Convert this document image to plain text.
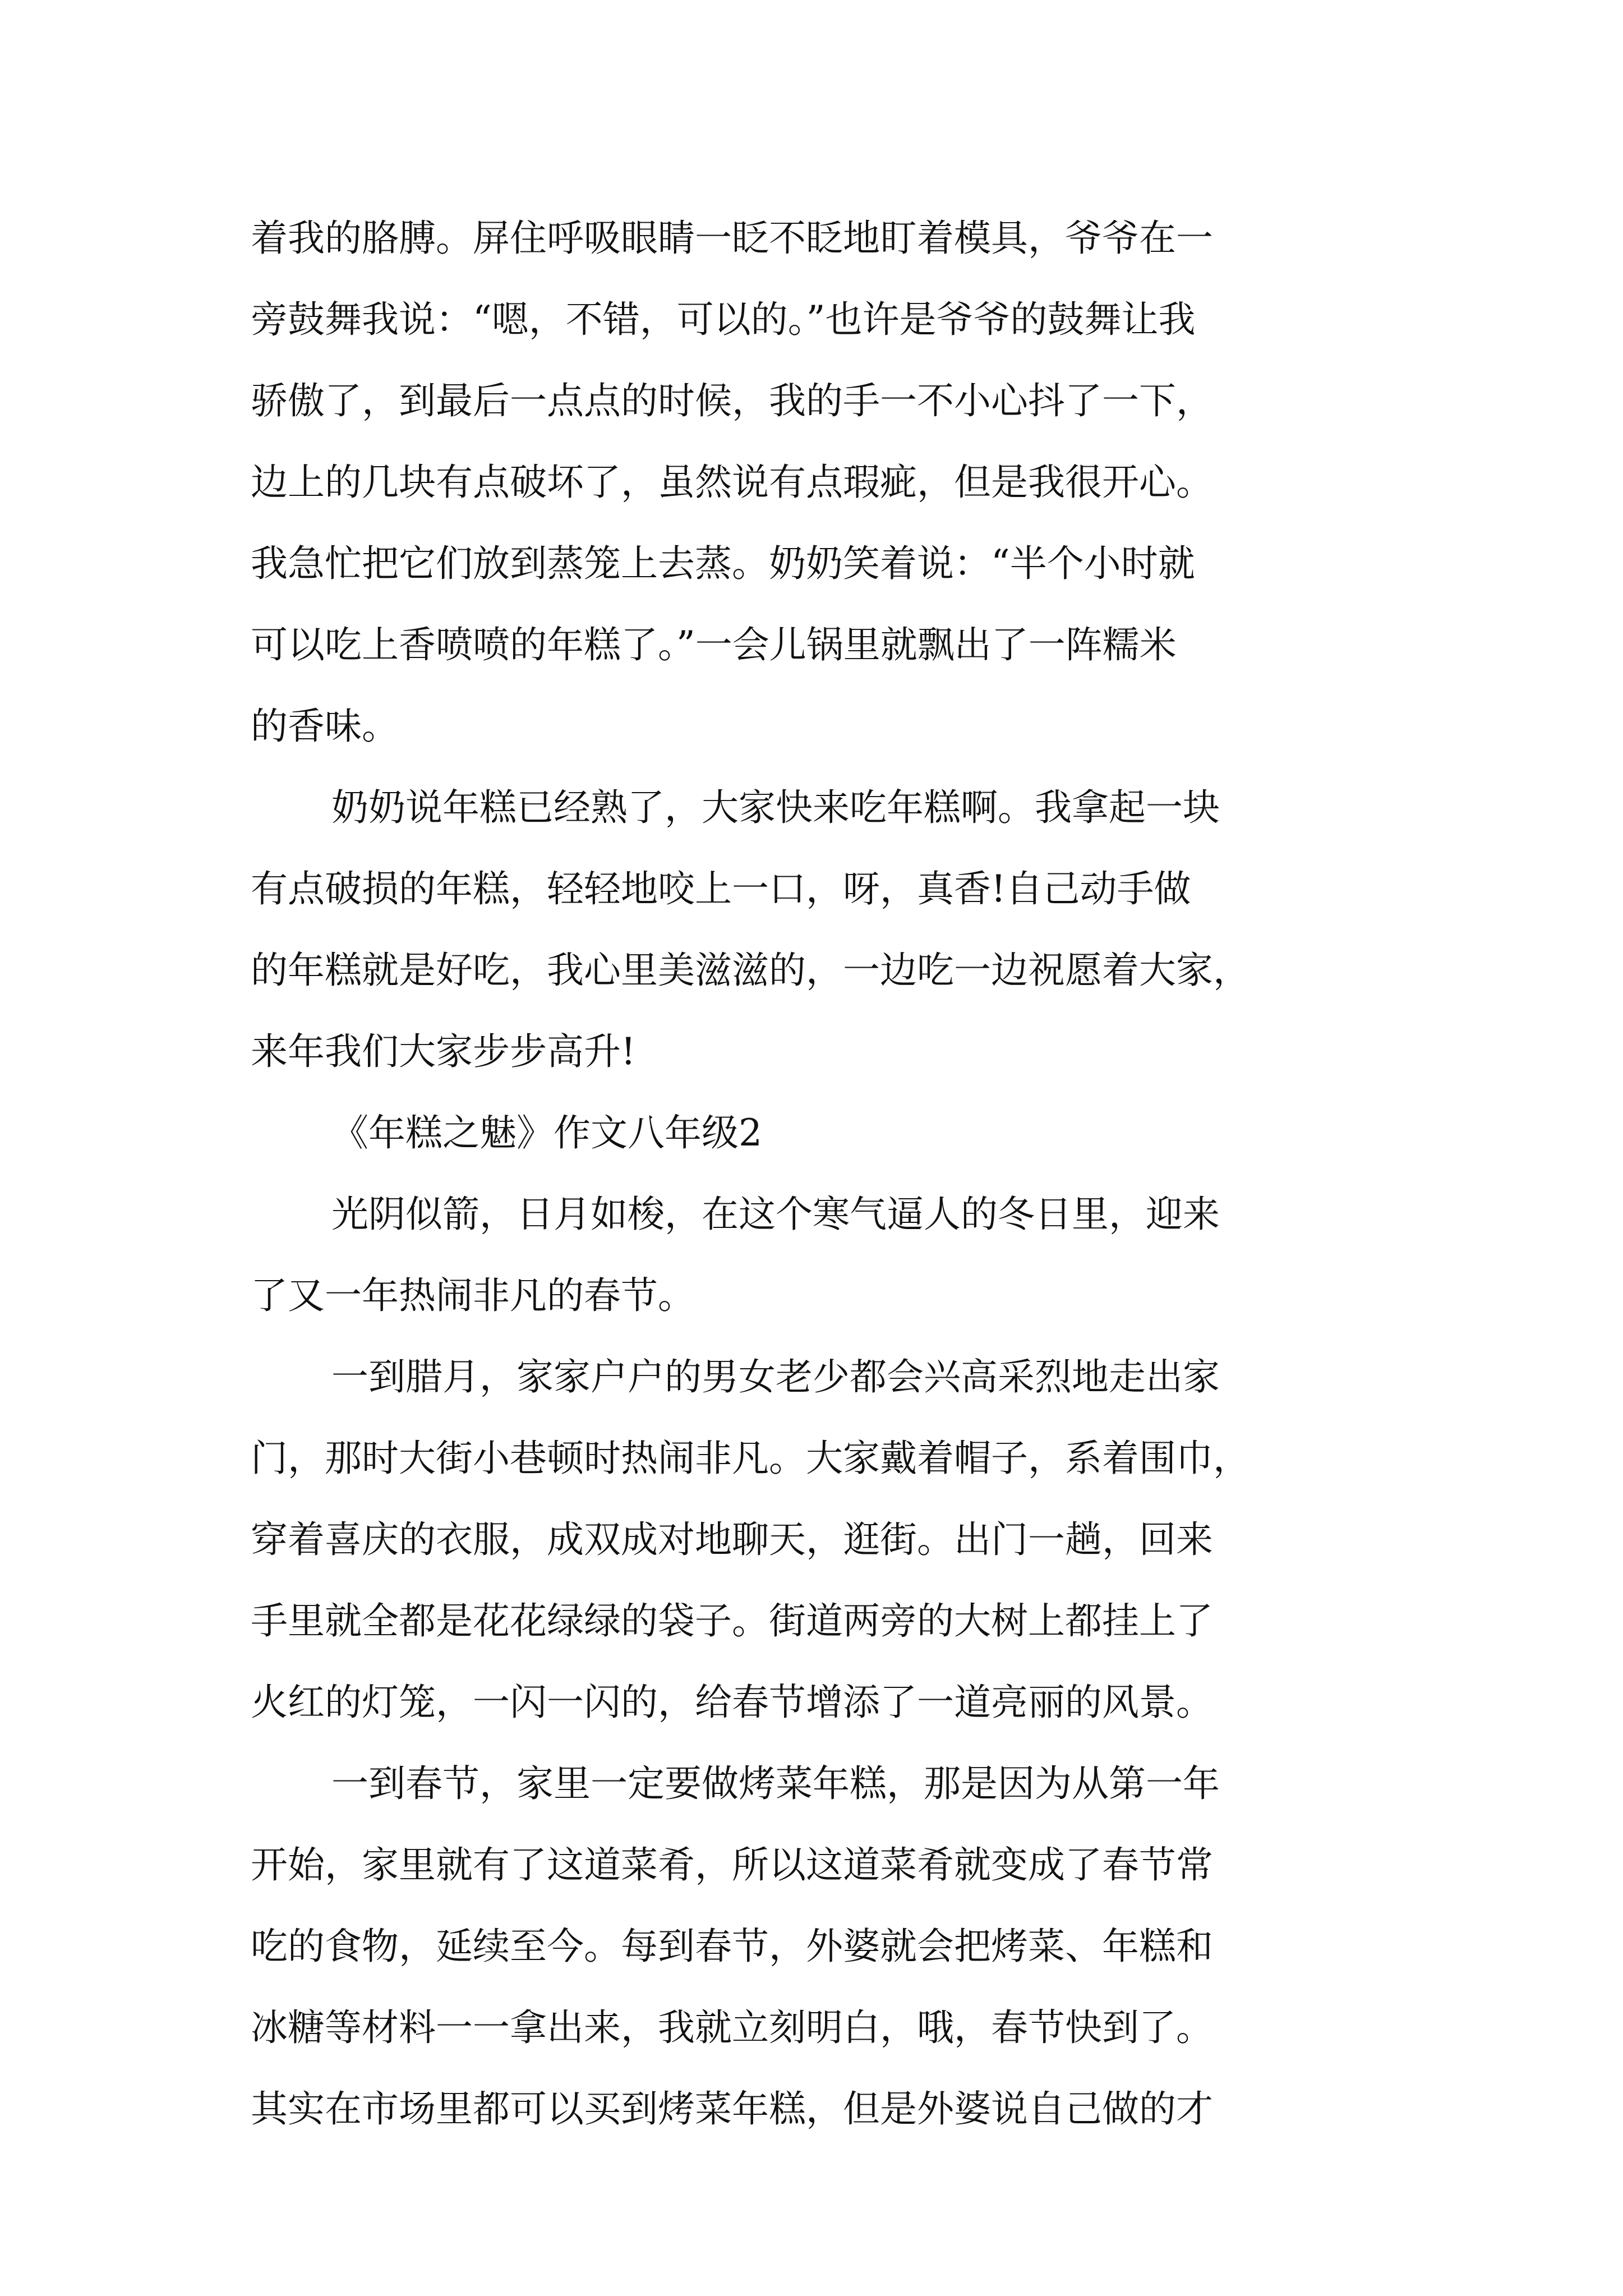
着我的胳膊。屏住呼吸眼睛一眨不眨地盯着模具，爷爷在一
旁鼓舞我说：“嗯，不错，可以的。”也许是爷爷的鼓舞让我
骄傲了，到最后一点点的时候，我的手一不小心抖了一下，
边上的几块有点破坏了，虽然说有点瑕疵，但是我很开心。
我急忙把它们放到蒸笼上去蒸。奶奶笑着说：“半个小时就
可以吃上香喷喷的年糕了。”一会儿锅里就飘出了一阵糯米
的香味。
奶奶说年糕已经熟了，大家快来吃年糕啊。我拿起一块
有点破损的年糕，轻轻地咬上一口，呀，真香!自己动手做
的年糕就是好吃，我心里美滋滋的，一边吃一边祝愿着大家，
来年我们大家步步高升!
《年糕之魅》作文八年级2
光阴似箭，日月如梭，在这个寒气逼人的冬日里，迎来
了又一年热闹非凡的春节。
一到腊月，家家户户的男女老少都会兴高采烈地走出家
门，那时大街小巷顿时热闹非凡。大家戴着帽子，系着围巾，
穿着喜庆的衣服，成双成对地聊天，逛街。出门一趟，回来
手里就全都是花花绿绿的袋子。街道两旁的大树上都挂上了
火红的灯笼，一闪一闪的，给春节增添了一道亮丽的风景。
一到春节，家里一定要做烤菜年糕，那是因为从第一年
开始，家里就有了这道菜肴，所以这道菜肴就变成了春节常
吃的食物，延续至今。每到春节，外婆就会把烤菜、年糕和
冰糖等材料一一拿出来，我就立刻明白，哦，春节快到了。
其实在市场里都可以买到烤菜年糕，但是外婆说自己做的才
